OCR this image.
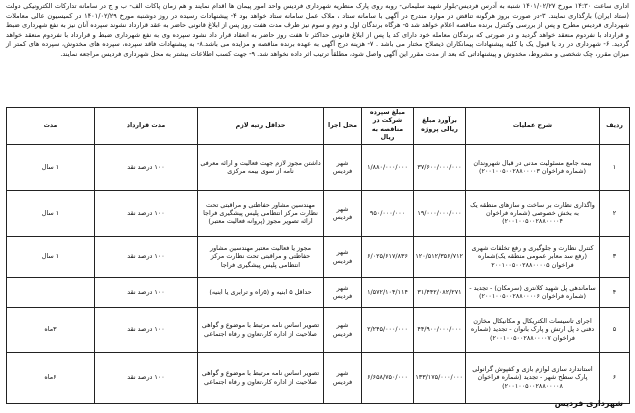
اداری ساعت ۱۴:۳۰ مورخ ۱۴۰۱/۰۲/۲۷ شنبه به آدرس فردیس-بلوار شهید سلیمانی- روبه روی پارک منظریه شهرداری فردیس واحد امور پیمان ها اقدام نمایند و هم زمان پاکات الف- ب و ج در سامانه تدارکات الکترونیکی دولت (ستاد ایران) بارگذاری نمایند. ۳-در صورت بروز هرگونه تناقض در موارد مندرج در آگهی با سامانه ستاد ، ملاک عمل سامانه ستاد خواهد بود ۴- پیشنهادات رسیده در روز دوشنبه مورخ ۱۴۰۱/۰۲/۲۹ در کمیسیون عالی معاملات شهرداری فردیس مطرح و پس از بررسی وکنترل برنده مناقصه اعلام خواهد شد ۵- هرگاه برندگان اول و دوم و سوم نیز ظرف مدت هفت روز پس از ابلاغ قانونی حاضر به عقد قرارداد نشوند سپرده آنان نیز به نفع شهرداری ضبط و قرارداد با نفردوم منعقد خواهد گردید و در صورتی که برندگان معامله خود دارای کد یا پس از ابلاغ قانونی حداکثر تا هفت روز حاضر به انعقاد قرار داد نشود سپرده وی به نفع شهرداری ضبط و قرارداد با نفردوم منعقد خواهد گردید. ۶- شهرداری در رد یا قبول یک یا کلیه پیشنهادات پیمانکاران ذیصلاح مختار می باشد . ۷- هزینه درج آگهی به عهده برنده مناقصه و مزایده می باشد.۸- به پیشنهادات فاقد سپرده، سپرده های مخدوش، سپرده های کمتر از میزان مقرر، چک شخصی و مشروط، مخدوش و پیشنهاداتی که بعد از مدت مقرر این آگهی واصل شود، مطلقاً ترتیب اثر داده نخواهد شد. ۹- جهت کسب اطلاعات بیشتر به محل شهرداری فردیس مراجعه نمایند.

ردیف	شرح عملیات	برآورد مبلغ ریالی پروژه	مبلغ سپرده شرکت در مناقصه به ریال	محل اجرا	حداقل رتبه لازم	مدت قرارداد	مدت
۱	بیمه جامع مسئولیت مدنی در قبال شهروندان (شماره فراخوان ۲۰۰۱۰۰۵۰۰۲۸۸۰۰۰۰۳)	۳۷/۶۰۰/۰۰۰/۰۰۰	۱/۸۸۰/۰۰۰/۰۰۰	شهر فردیس	داشتن مجوز لازم جهت فعالیت و ارائه معرفی نامه از سوی بیمه مرکزی	۱۰۰ درصد نقد	۱ سال
۲	واگذاری نظارت بر ساخت و سازهای منطقه یک به بخش خصوصی (شماره فراخوان ۲۰۰۱۰۰۵۰۰۲۸۸۰۰۰۰۴)	۱۹/۰۰۰/۰۰۰/۰۰۰	۹۵۰/۰۰۰/۰۰۰	شهر فردیس	مهندسین مشاور حفاظتی و مراقبتی تحت نظارت مرکز انتظامی پلیس پیشگیری فراجا ارائه تصویر مجوز (پروانه فعالیت معتبر)	۱۰۰ درصد نقد	۱ سال
۳	کنترل نظارت و جلوگیری و رفع تخلفات شهری (رفع سد معابر عمومی منطقه یک)شماره فراخوان ۲۰۰۱۰۰۵۰۰۲۸۸۰۰۰۰۵	۱۲۰/۵۱۲/۳۵۶/۷۱۲	۶/۰۲۵/۶۱۷/۸۳۶	شهر فردیس	مجوز یا فعالیت معتبر مهندسین مشاور حفاظتی و مراقبتی تحت نظارت مرکز انتظامی پلیس پیشگیری فراجا	۱۰۰ درصد نقد	۱ سال
۴	ساماندهی پل شهید کلانتری (سرمکان) - تجدید - (شماره فراخوان ۲۰۰۱۰۰۵۰۰۲۸۸۰۰۰۰۶)	۳۱/۴۴۲/۰۸۲/۲۷۱	۱/۵۷۲/۱۰۴/۱۱۴	شهر فردیس	حداقل ۵ ابنیه و (۵راه و ترابری یا ابنیه)	۱۰۰ درصد نقد	
۵	اجرای تاسیسات الکتریکال و مکانیکال مخازن دفنی د پل ارتش و پارک بانوان - تجدید (شماره فراخوان ۲۰۰۱۰۰۵۰۰۲۸۸۰۰۰۰۷)	۴۴/۹۰۰/۰۰۰/۰۰۰	۲/۲۴۵/۰۰۰/۰۰۰	شهر فردیس	تصویر اساس نامه مرتبط با موضوع و گواهی صلاحیت از اداره کار،تعاون و رفاه اجتماعی	۱۰۰ درصد نقد	۳ماه
۶	استاندارد سازی لوازم بازی و کفپوش گرانولی پارک سطح شهر - تجدید (شماره فراخوان ۲۰۰۱۰۰۵۰۰۲۸۸۰۰۰۰۸)	۱۳۳/۱۷۵/۰۰۰/۰۰۰	۶/۶۵۸/۷۵۰/۰۰۰	شهر فردیس	تصویر اساس نامه مرتبط با موضوع و گواهی صلاحیت از اداره کار،تعاون و رفاه اجتماعی	۱۰۰ درصد نقد	۶ماه
شهرداری فردیس
